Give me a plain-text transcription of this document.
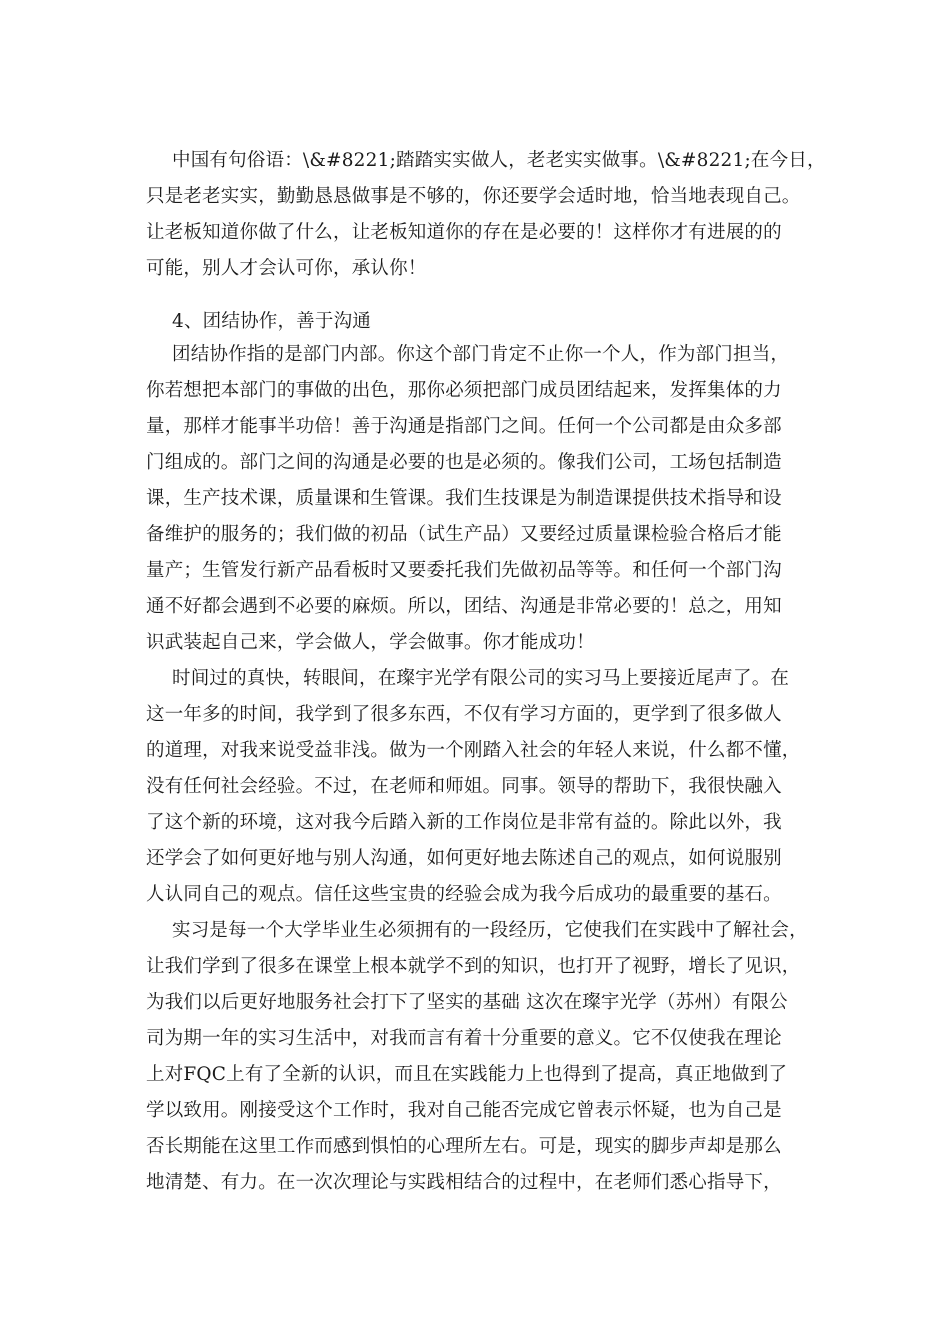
中国有句俗语：\&#8221;踏踏实实做人，老老实实做事。\&#8221;在今日，
只是老老实实，勤勤恳恳做事是不够的，你还要学会适时地，恰当地表现自己。
让老板知道你做了什么，让老板知道你的存在是必要的！这样你才有进展的的
可能，别人才会认可你，承认你！
4、团结协作，善于沟通
团结协作指的是部门内部。你这个部门肯定不止你一个人，作为部门担当，
你若想把本部门的事做的出色，那你必须把部门成员团结起来，发挥集体的力
量，那样才能事半功倍！善于沟通是指部门之间。任何一个公司都是由众多部
门组成的。部门之间的沟通是必要的也是必须的。像我们公司，工场包括制造
课，生产技术课，质量课和生管课。我们生技课是为制造课提供技术指导和设
备维护的服务的；我们做的初品（试生产品）又要经过质量课检验合格后才能
量产；生管发行新产品看板时又要委托我们先做初品等等。和任何一个部门沟
通不好都会遇到不必要的麻烦。所以，团结、沟通是非常必要的！总之，用知
识武装起自己来，学会做人，学会做事。你才能成功！
时间过的真快，转眼间，在璨宇光学有限公司的实习马上要接近尾声了。在
这一年多的时间，我学到了很多东西，不仅有学习方面的，更学到了很多做人
的道理，对我来说受益非浅。做为一个刚踏入社会的年轻人来说，什么都不懂，
没有任何社会经验。不过，在老师和师姐。同事。领导的帮助下，我很快融入
了这个新的环境，这对我今后踏入新的工作岗位是非常有益的。除此以外，我
还学会了如何更好地与别人沟通，如何更好地去陈述自己的观点，如何说服别
人认同自己的观点。信任这些宝贵的经验会成为我今后成功的最重要的基石。
实习是每一个大学毕业生必须拥有的一段经历，它使我们在实践中了解社会，
让我们学到了很多在课堂上根本就学不到的知识，也打开了视野，增长了见识，
为我们以后更好地服务社会打下了坚实的基础 这次在璨宇光学（苏州）有限公
司为期一年的实习生活中，对我而言有着十分重要的意义。它不仅使我在理论
上对FQC上有了全新的认识，而且在实践能力上也得到了提高，真正地做到了
学以致用。刚接受这个工作时，我对自己能否完成它曾表示怀疑，也为自己是
否长期能在这里工作而感到惧怕的心理所左右。可是，现实的脚步声却是那么
地清楚、有力。在一次次理论与实践相结合的过程中，在老师们悉心指导下，
